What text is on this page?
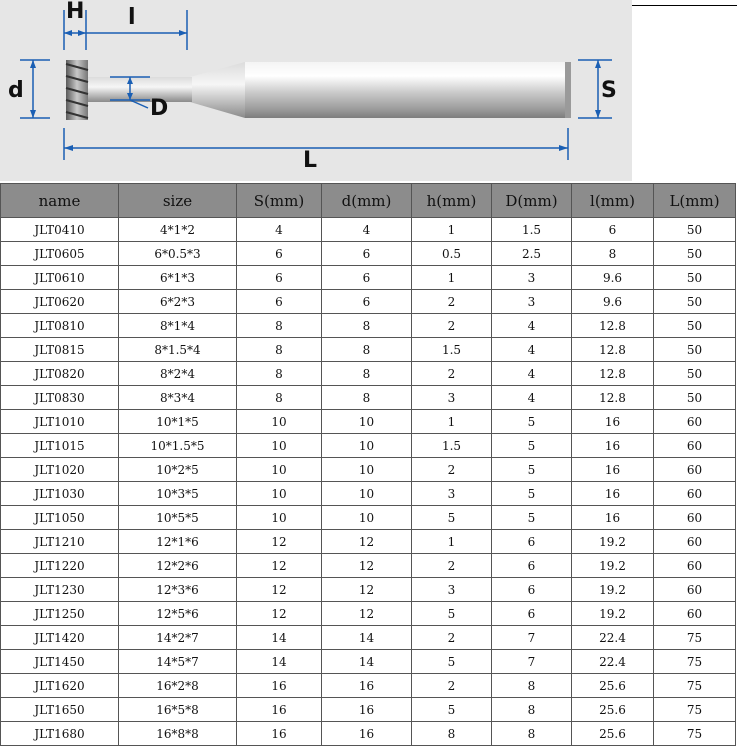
H l
d
D
S
L
name	size	S(mm)	d(mm)	h(mm)	D(mm)	l(mm)	L(mm)
JLT0410	4*1*2	4	4	1	1.5	6	50
JLT0605	6*0.5*3	6	6	0.5	2.5	8	50
JLT0610	6*1*3	6	6	1	3	9.6	50
JLT0620	6*2*3	6	6	2	3	9.6	50
JLT0810	8*1*4	8	8	2	4	12.8	50
JLT0815	8*1.5*4	8	8	1.5	4	12.8	50
JLT0820	8*2*4	8	8	2	4	12.8	50
JLT0830	8*3*4	8	8	3	4	12.8	50
JLT1010	10*1*5	10	10	1	5	16	60
JLT1015	10*1.5*5	10	10	1.5	5	16	60
JLT1020	10*2*5	10	10	2	5	16	60
JLT1030	10*3*5	10	10	3	5	16	60
JLT1050	10*5*5	10	10	5	5	16	60
JLT1210	12*1*6	12	12	1	6	19.2	60
JLT1220	12*2*6	12	12	2	6	19.2	60
JLT1230	12*3*6	12	12	3	6	19.2	60
JLT1250	12*5*6	12	12	5	6	19.2	60
JLT1420	14*2*7	14	14	2	7	22.4	75
JLT1450	14*5*7	14	14	5	7	22.4	75
JLT1620	16*2*8	16	16	2	8	25.6	75
JLT1650	16*5*8	16	16	5	8	25.6	75
JLT1680	16*8*8	16	16	8	8	25.6	75
